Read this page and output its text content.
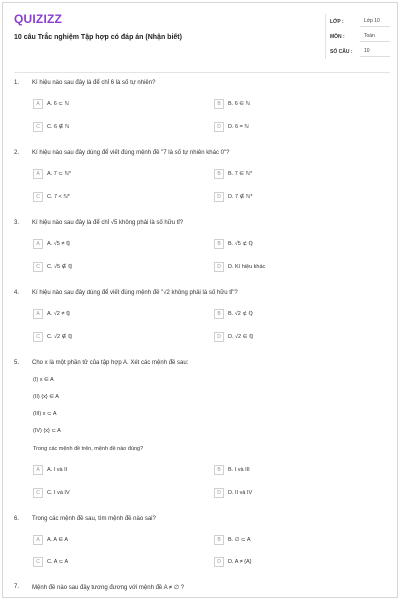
QUIZIZZ
10 câu Trắc nghiệm Tập hợp có đáp án (Nhận biết)
LỚP :	Lớp 10
MÔN :	Toán
SỐ CÂU :	10
1. Kí hiệu nào sau đây là để chỉ 6 là số tự nhiên?
A	A. 6 ⊂ ℕ	B	B. 6 ∈ ℕ
C	C. 6 ∉ ℕ	D	D. 6 = ℕ
2. Kí hiệu nào sau đây dùng để viết đúng mệnh đề "7 là số tự nhiên khác 0"?
A	A. 7 ⊂ ℕ*	B	B. 7 ∈ ℕ*
C	C. 7 < ℕ*	D	D. 7 ∉ ℕ*
3. Kí hiệu nào sau đây là để chỉ √5 không phải là số hữu tỉ?
A	A. √5 ≠ ℚ	B	B. √5 ⊄ ℚ
C	C. √5 ∉ ℚ	D	D. Kí hiệu khác
4. Kí hiệu nào sau đây dùng để viết đúng mệnh đề "√2 không phải là số hữu tỉ"?
A	A. √2 ≠ ℚ	B	B. √2 ⊄ ℚ
C	C. √2 ∉ ℚ	D	D. √2 ∈ ℚ
5. Cho x là một phần tử của tập hợp A. Xét các mệnh đề sau:
(I) x ∈ A
(II) {x} ∈ A
(III) x ⊂ A
(IV) {x} ⊂ A
Trong các mệnh đề trên, mệnh đề nào đúng?
A	A. I và II	B	B. I và III
C	C. I và IV	D	D. II và IV
6. Trong các mệnh đề sau, tìm mệnh đề nào sai?
A	A. A ∈ A	B	B. ∅ ⊂ A
C	C. A ⊂ A	D	D. A ≠ {A}
7. Mệnh đề nào sau đây tương đương với mệnh đề A ≠ ∅ ?
